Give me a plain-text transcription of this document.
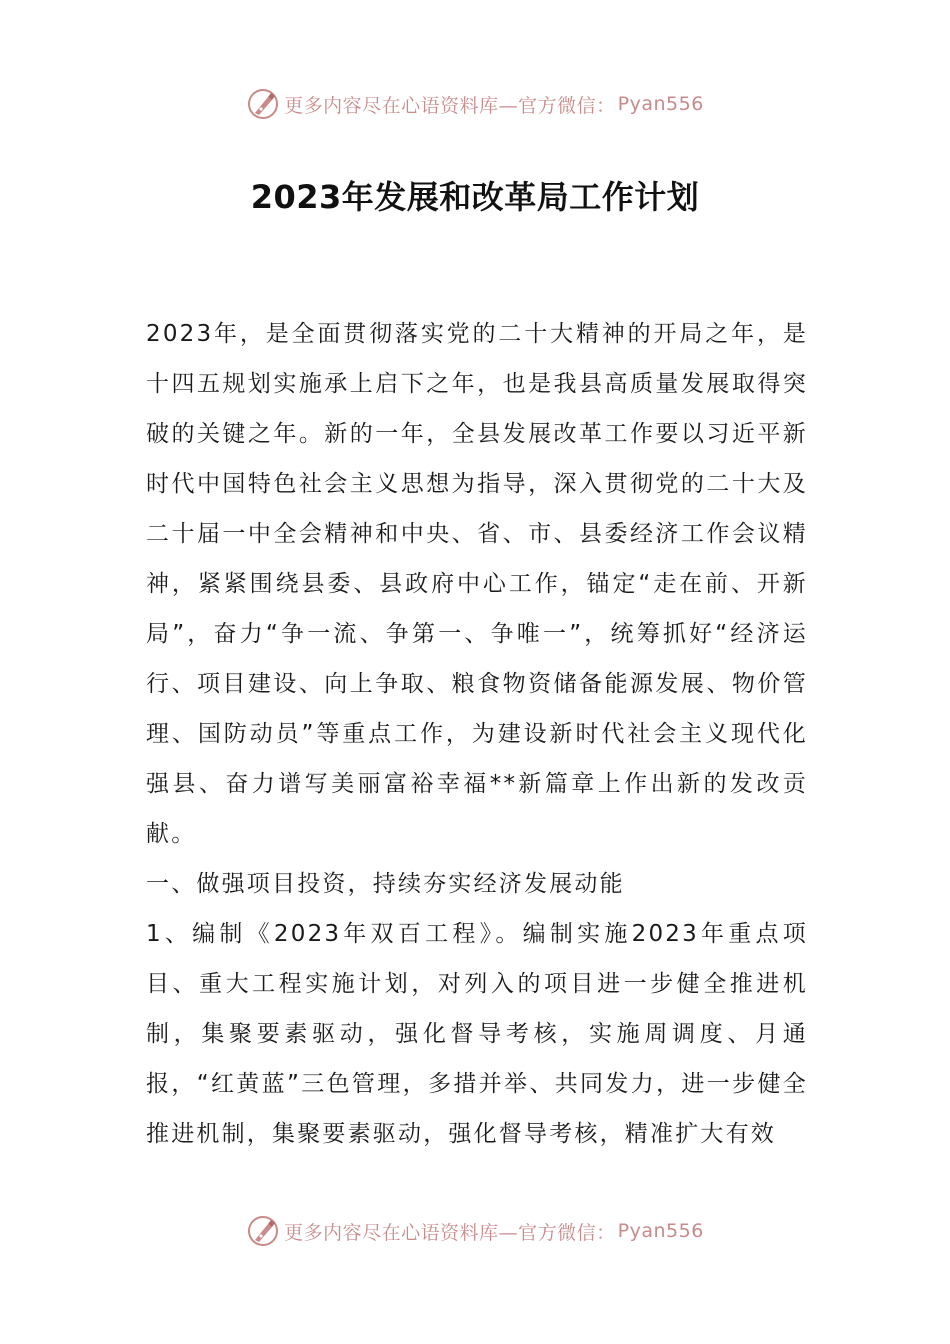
更多内容尽在心语资料库—官方微信： Pyan556
2023年发展和改革局工作计划

2023年，是全面贯彻落实党的二十大精神的开局之年，是十四五规划实施承上启下之年，也是我县高质量发展取得突破的关键之年。新的一年，全县发展改革工作要以习近平新时代中国特色社会主义思想为指导，深入贯彻党的二十大及二十届一中全会精神和中央、省、市、县委经济工作会议精神，紧紧围绕县委、县政府中心工作，锚定“走在前、开新局”，奋力“争一流、争第一、争唯一”，统筹抓好“经济运行、项目建设、向上争取、粮食物资储备能源发展、物价管理、国防动员”等重点工作，为建设新时代社会主义现代化强县、奋力谱写美丽富裕幸福**新篇章上作出新的发改贡献。

一、做强项目投资，持续夯实经济发展动能

1、编制《2023年双百工程》。编制实施2023年重点项目、重大工程实施计划，对列入的项目进一步健全推进机制，集聚要素驱动，强化督导考核，实施周调度、月通报，“红黄蓝”三色管理，多措并举、共同发力，进一步健全推进机制，集聚要素驱动，强化督导考核，精准扩大有效

更多内容尽在心语资料库—官方微信： Pyan556
